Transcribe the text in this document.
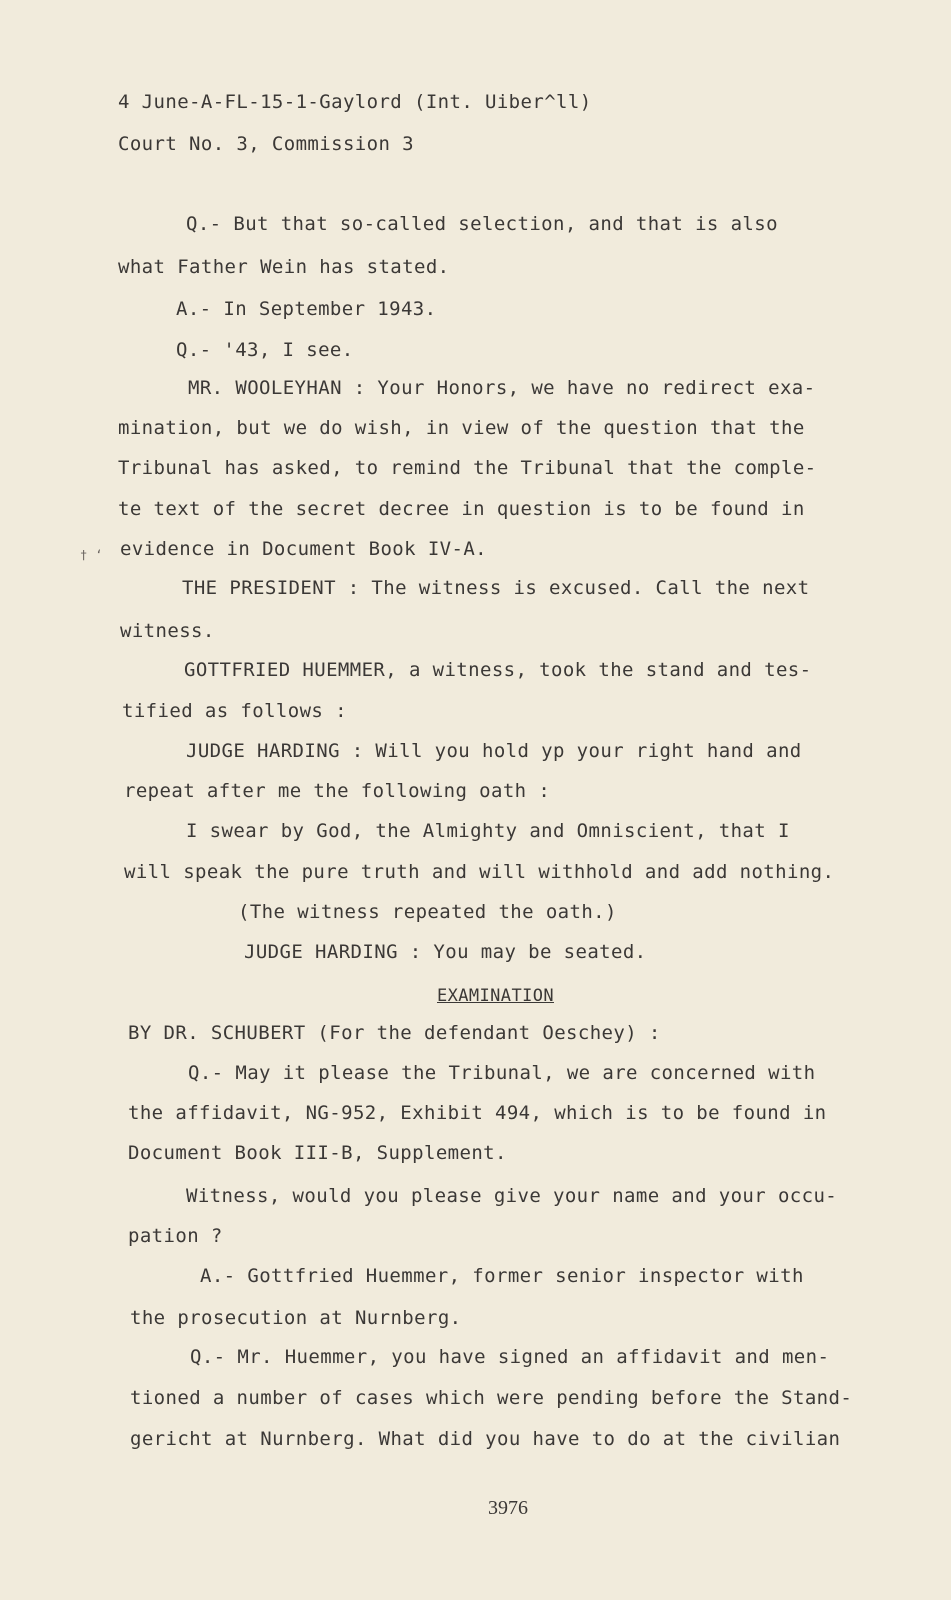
4 June-A-FL-15-1-Gaylord (Int. Uiber^ll)
Court No. 3, Commission 3
Q.- But that so-called selection, and that is also
what Father Wein has stated.
A.- In September 1943.
Q.- '43, I see.
MR. WOOLEYHAN : Your Honors, we have no redirect exa-
mination, but we do wish, in view of the question that the
Tribunal has asked, to remind the Tribunal that the comple-
te text of the secret decree in question is to be found in
† ‘ evidence in Document Book IV-A.
THE PRESIDENT : The witness is excused. Call the next
witness.
GOTTFRIED HUEMMER, a witness, took the stand and tes-
tified as follows :
JUDGE HARDING : Will you hold yp your right hand and
repeat after me the following oath :
I swear by God, the Almighty and Omniscient, that I
will speak the pure truth and will withhold and add nothing.
(The witness repeated the oath.)
JUDGE HARDING : You may be seated.
EXAMINATION
BY DR. SCHUBERT (For the defendant Oeschey) :
Q.- May it please the Tribunal, we are concerned with
the affidavit, NG-952, Exhibit 494, which is to be found in
Document Book III-B, Supplement.
Witness, would you please give your name and your occu-
pation ?
A.- Gottfried Huemmer, former senior inspector with
the prosecution at Nurnberg.
Q.- Mr. Huemmer, you have signed an affidavit and men-
tioned a number of cases which were pending before the Stand-
gericht at Nurnberg. What did you have to do at the civilian
3976
